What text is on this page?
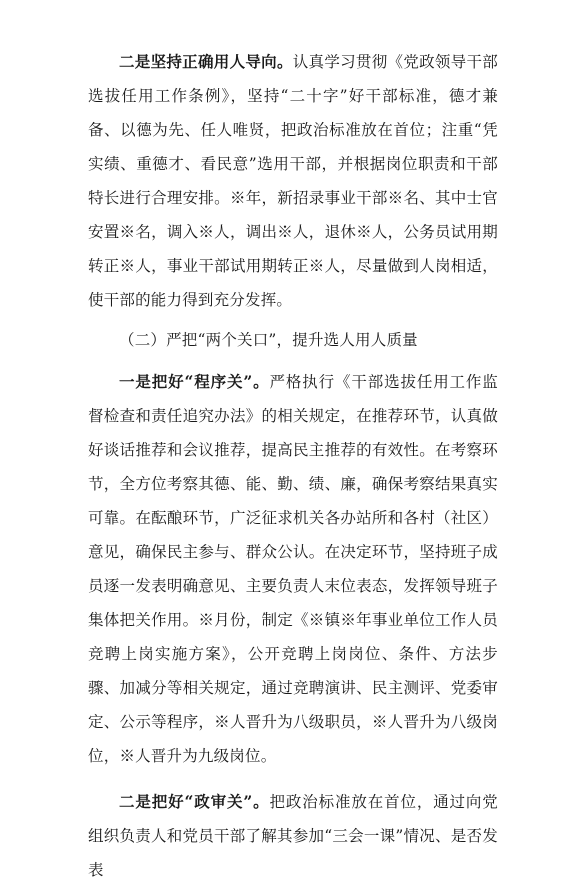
二是坚持正确用人导向。认真学习贯彻《党政领导干部选拔任用工作条例》，坚持“二十字”好干部标准，德才兼备、以德为先、任人唯贤，把政治标准放在首位；注重“凭实绩、重德才、看民意”选用干部，并根据岗位职责和干部特长进行合理安排。※年，新招录事业干部※名、其中士官安置※名，调入※人，调出※人，退休※人，公务员试用期转正※人，事业干部试用期转正※人，尽量做到人岗相适，使干部的能力得到充分发挥。

（二）严把“两个关口”，提升选人用人质量

一是把好“程序关”。严格执行《干部选拔任用工作监督检查和责任追究办法》的相关规定，在推荐环节，认真做好谈话推荐和会议推荐，提高民主推荐的有效性。在考察环节，全方位考察其德、能、勤、绩、廉，确保考察结果真实可靠。在酝酿环节，广泛征求机关各办站所和各村（社区）意见，确保民主参与、群众公认。在决定环节，坚持班子成员逐一发表明确意见、主要负责人末位表态，发挥领导班子集体把关作用。※月份，制定《※镇※年事业单位工作人员竞聘上岗实施方案》，公开竞聘上岗岗位、条件、方法步骤、加减分等相关规定，通过竞聘演讲、民主测评、党委审定、公示等程序，※人晋升为八级职员，※人晋升为八级岗位，※人晋升为九级岗位。

二是把好“政审关”。把政治标准放在首位，通过向党组织负责人和党员干部了解其参加“三会一课”情况、是否发表
